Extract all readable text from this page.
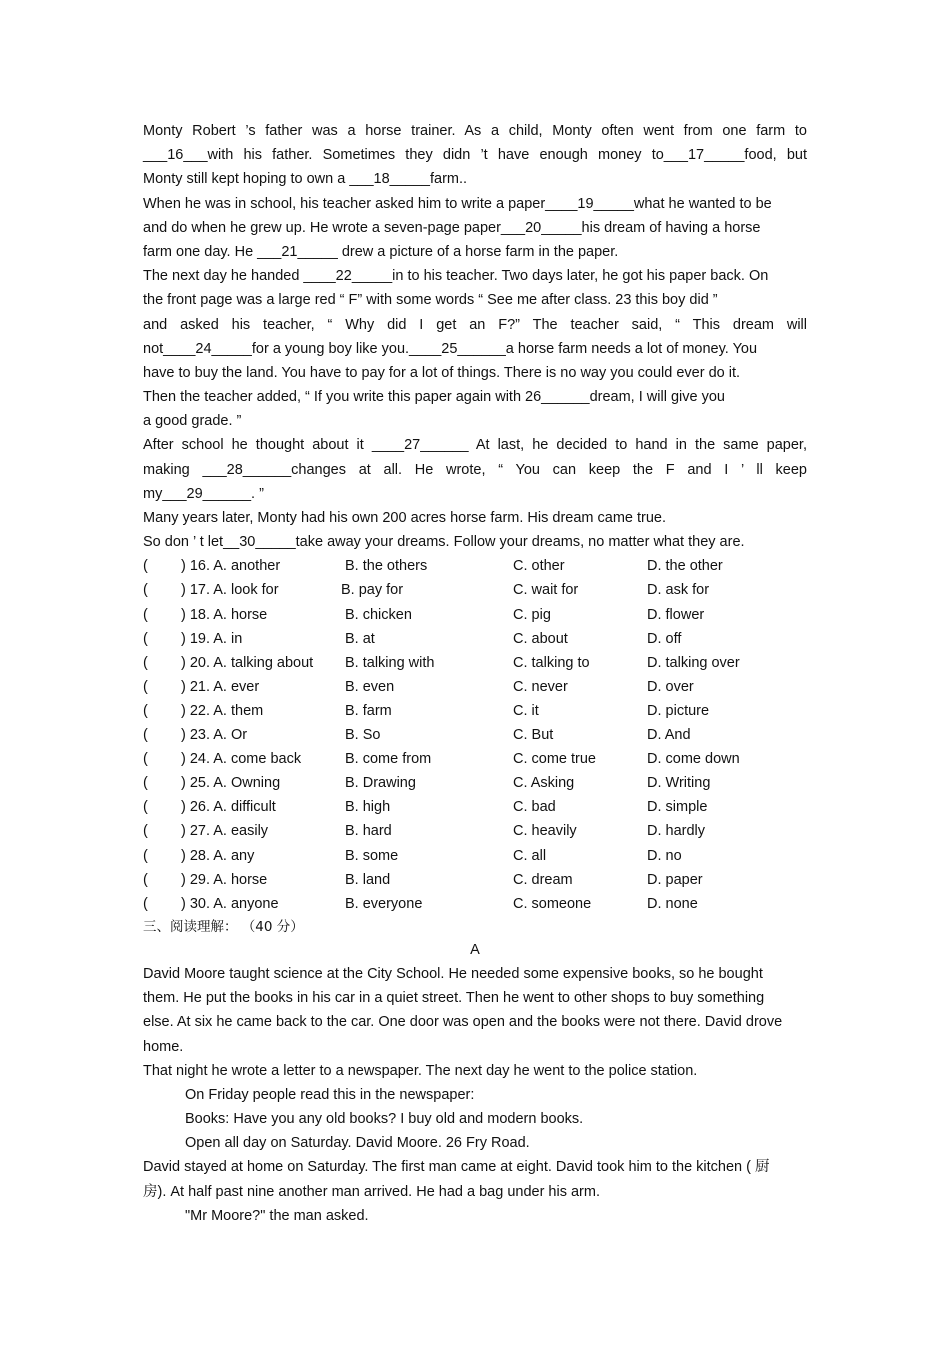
Monty Robert ’s father was a horse trainer. As a child, Monty often went from one farm to
___16___with his father. Sometimes they didn ’t have enough money to___17_____food, but
Monty still kept hoping to own a ___18_____farm..
When he was in school, his teacher asked him to write a paper____19_____what he wanted to be
and do when he grew up. He wrote a seven-page paper___20_____his dream of having a horse
farm one day. He ___21_____ drew a picture of a horse farm in the paper.
The next day he handed ____22_____in to his teacher. Two days later, he got his paper back. On
the front page was a large red “ F” with some words “ See me after class. 23 this boy did ”
and asked his teacher, “ Why did I get an F?” The teacher said, “ This dream will
not____24_____for a young boy like you.____25______a horse farm needs a lot of money. You
have to buy the land. You have to pay for a lot of things. There is no way you could ever do it.
Then the teacher added, “ If you write this paper again with 26______dream, I will give you
a good grade. ”
After school he thought about it ____27______ At last, he decided to hand in the same paper,
making ___28______changes at all. He wrote, “ You can keep the F and I ’ ll keep
my___29______. ”
Many years later, Monty had his own 200 acres horse farm. His dream came true.
So don ’ t let__30_____take away your dreams. Follow your dreams, no matter what they are.
( ) 16. A. another	B. the others	C. other	D. the other
( ) 17. A. look for	B. pay for	C. wait for	D. ask for
( ) 18. A. horse	B. chicken	C. pig	D. flower
( ) 19. A. in	B. at	C. about	D. off
( ) 20. A. talking about B. talking with	C. talking to	D. talking over
( ) 21. A. ever	B. even	C. never	D. over
( ) 22. A. them	B. farm	C. it	D. picture
( ) 23. A. Or	B. So	C. But	D. And
( ) 24. A. come back	B. come from	C. come true	D. come down
( ) 25. A. Owning	B. Drawing	C. Asking	D. Writing
( ) 26. A. difficult	B. high	C. bad	D. simple
( ) 27. A. easily	B. hard	C. heavily	D. hardly
( ) 28. A. any	B. some	C. all	D. no
( ) 29. A. horse	B. land	C. dream	D. paper
( ) 30. A. anyone	B. everyone	C. someone	D. none
三、阅读理解： （40 分）
A
David Moore taught science at the City School. He needed some expensive books, so he bought
them. He put the books in his car in a quiet street. Then he went to other shops to buy something
else. At six he came back to the car. One door was open and the books were not there. David drove
home.
That night he wrote a letter to a newspaper. The next day he went to the police station.
On Friday people read this in the newspaper:
Books: Have you any old books? I buy old and modern books.
Open all day on Saturday. David Moore. 26 Fry Road.
David stayed at home on Saturday. The first man came at eight. David took him to the kitchen ( 厨
房). At half past nine another man arrived. He had a bag under his arm.
"Mr Moore?" the man asked.
